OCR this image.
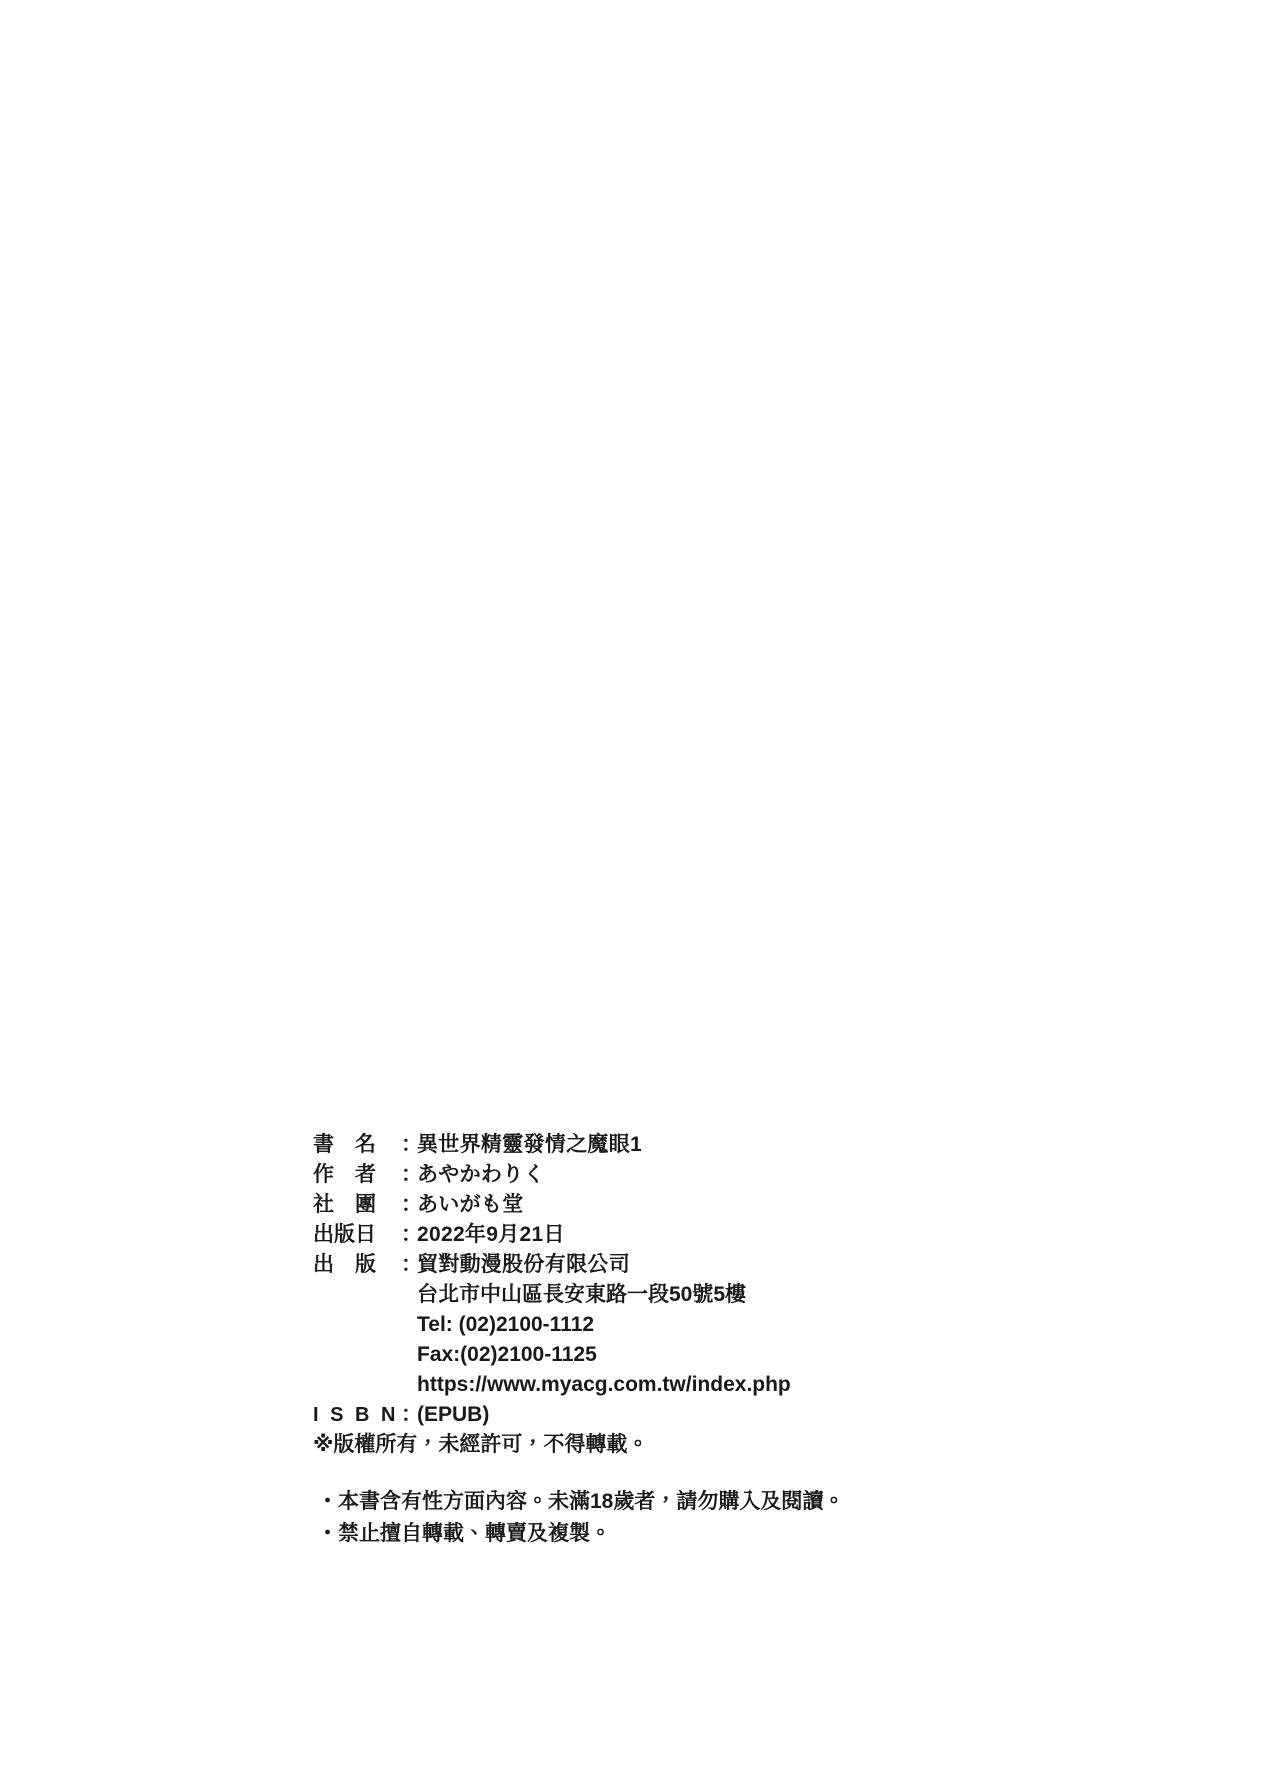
書　名	：
異世界精靈發情之魔眼1
作　者	：
あやかわりく
社　團	：
あいがも堂
出版日	：
2022年9月21日
出　版	：
貿對動漫股份有限公司
台北市中山區長安東路一段50號5樓
Tel: (02)2100-1112
Fax:(02)2100-1125
https://www.myacg.com.tw/index.php
I S B N ：
(EPUB)
※版權所有，未經許可，不得轉載。
・本書含有性方面內容。未滿18歲者，請勿購入及閱讀。
・禁止擅自轉載、轉賣及複製。
